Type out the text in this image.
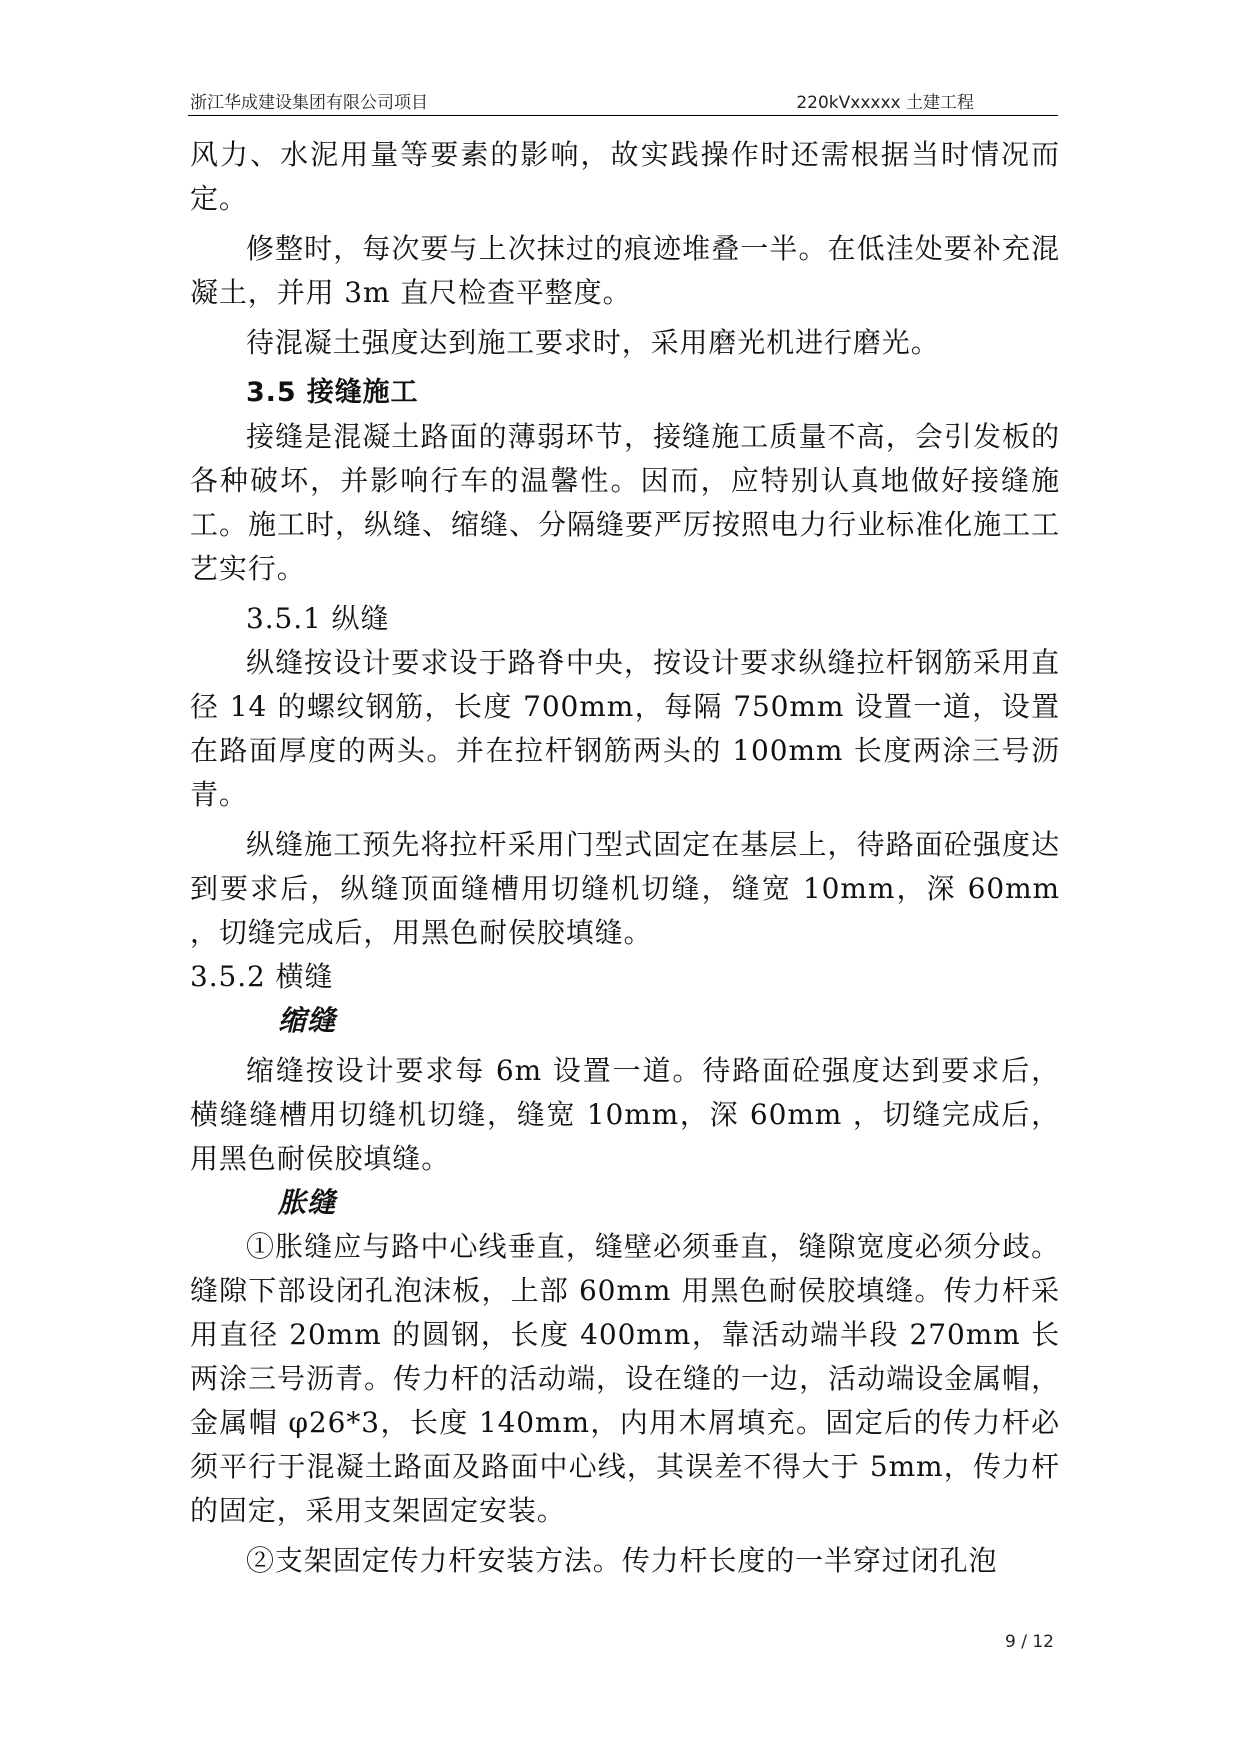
浙江华成建设集团有限公司项目	220kVxxxxx 土建工程

风力、水泥用量等要素的影响，故实践操作时还需根据当时情况而定。

修整时，每次要与上次抹过的痕迹堆叠一半。在低洼处要补充混凝土，并用 3m 直尺检查平整度。

待混凝土强度达到施工要求时，采用磨光机进行磨光。

3.5 接缝施工

接缝是混凝土路面的薄弱环节，接缝施工质量不高，会引发板的各种破坏，并影响行车的温馨性。因而，应特别认真地做好接缝施工。施工时，纵缝、缩缝、分隔缝要严厉按照电力行业标准化施工工艺实行。

3.5.1 纵缝

纵缝按设计要求设于路脊中央，按设计要求纵缝拉杆钢筋采用直径 14 的螺纹钢筋，长度 700mm，每隔 750mm 设置一道，设置在路面厚度的两头。并在拉杆钢筋两头的 100mm 长度两涂三号沥青。

纵缝施工预先将拉杆采用门型式固定在基层上，待路面砼强度达到要求后，纵缝顶面缝槽用切缝机切缝，缝宽 10mm，深 60mm ，切缝完成后，用黑色耐侯胶填缝。

3.5.2 横缝

缩缝

缩缝按设计要求每 6m 设置一道。待路面砼强度达到要求后，横缝缝槽用切缝机切缝，缝宽 10mm，深 60mm ，切缝完成后，用黑色耐侯胶填缝。

胀缝

①胀缝应与路中心线垂直，缝壁必须垂直，缝隙宽度必须分歧。缝隙下部设闭孔泡沫板，上部 60mm 用黑色耐侯胶填缝。传力杆采用直径 20mm 的圆钢，长度 400mm，靠活动端半段 270mm 长两涂三号沥青。传力杆的活动端，设在缝的一边，活动端设金属帽，金属帽 φ26*3，长度 140mm，内用木屑填充。固定后的传力杆必须平行于混凝土路面及路面中心线，其误差不得大于 5mm，传力杆的固定，采用支架固定安装。

②支架固定传力杆安装方法。传力杆长度的一半穿过闭孔泡

9 / 12
